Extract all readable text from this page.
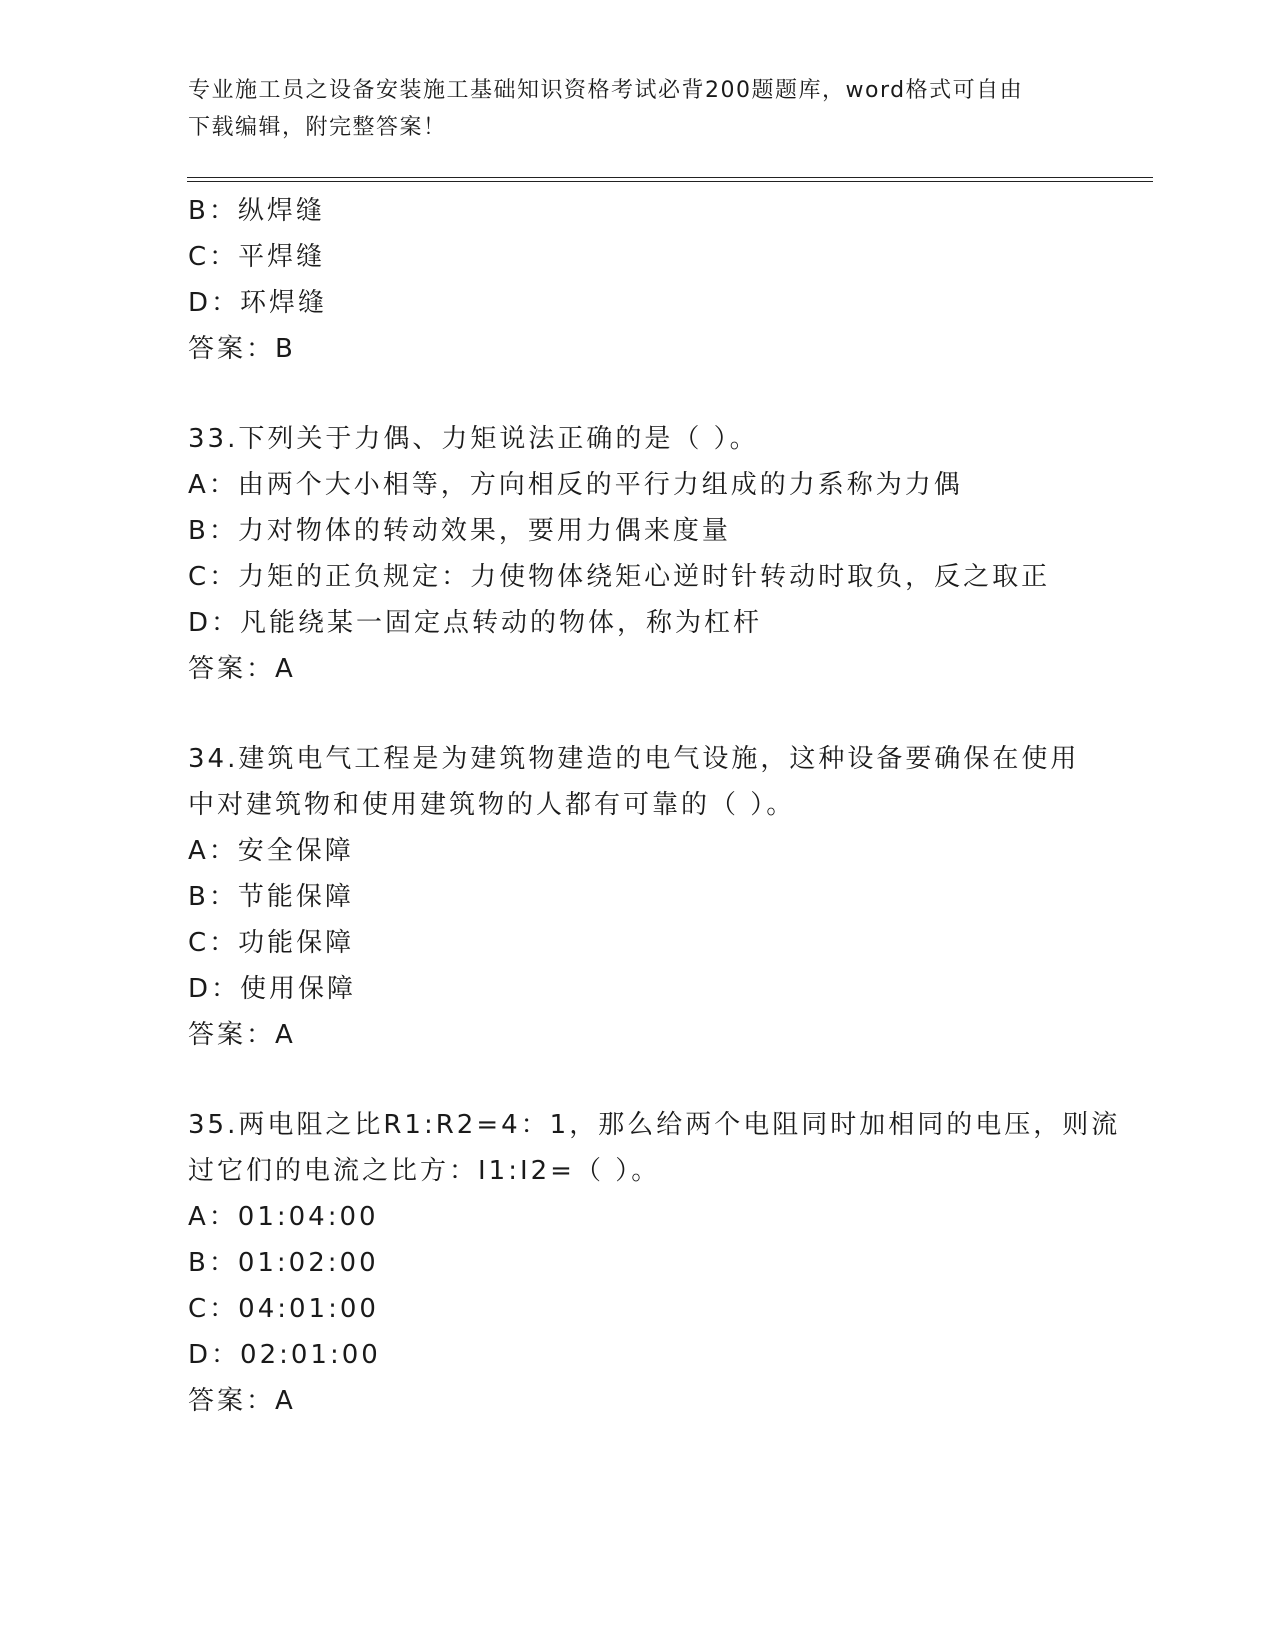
专业施工员之设备安装施工基础知识资格考试必背200题题库，word格式可自由
下载编辑，附完整答案！
B：纵焊缝
C：平焊缝
D：环焊缝
答案：B
33.下列关于力偶、力矩说法正确的是（ ）。
A：由两个大小相等，方向相反的平行力组成的力系称为力偶
B：力对物体的转动效果，要用力偶来度量
C：力矩的正负规定：力使物体绕矩心逆时针转动时取负，反之取正
D：凡能绕某一固定点转动的物体，称为杠杆
答案：A
34.建筑电气工程是为建筑物建造的电气设施，这种设备要确保在使用
中对建筑物和使用建筑物的人都有可靠的（ ）。
A：安全保障
B：节能保障
C：功能保障
D：使用保障
答案：A
35.两电阻之比R1:R2=4：1，那么给两个电阻同时加相同的电压，则流
过它们的电流之比方：I1:I2=（ ）。
A：01:04:00
B：01:02:00
C：04:01:00
D：02:01:00
答案：A
